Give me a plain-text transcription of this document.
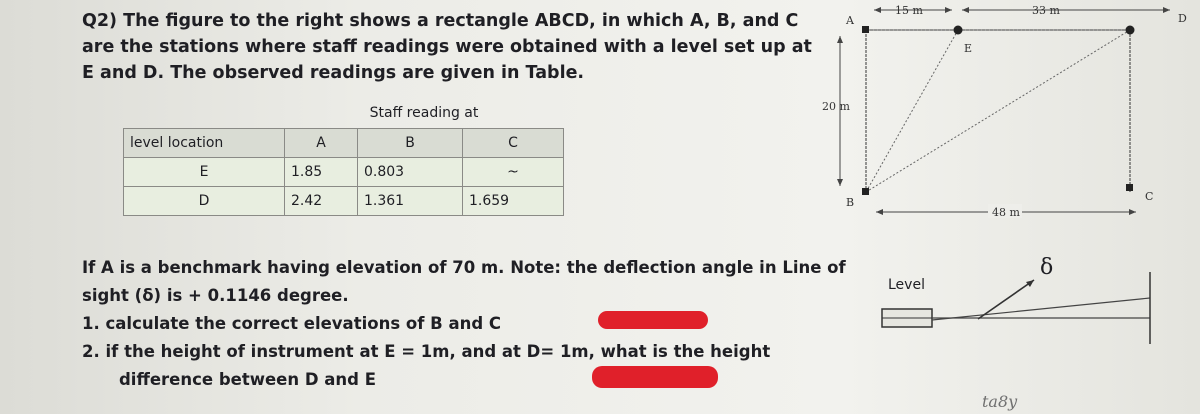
Q2) The figure to the right shows a rectangle ABCD, in which A, B, and C
are the stations where staff readings were obtained with a level set up at
E and D. The observed readings are given in Table.
	Staff reading at		
level location	A	B	C
E	1.85	0.803	~
D	2.42	1.361	1.659
If A is a benchmark having elevation of 70 m. Note: the deflection angle in Line of
sight (δ) is + 0.1146 degree.
1. calculate the correct elevations of B and C
2. if the height of instrument at E = 1m, and at D= 1m, what is the height
difference between D and E
A
B	C
D
E
15 m	33 m
20 m
48 m
Level
δ
ta8y
